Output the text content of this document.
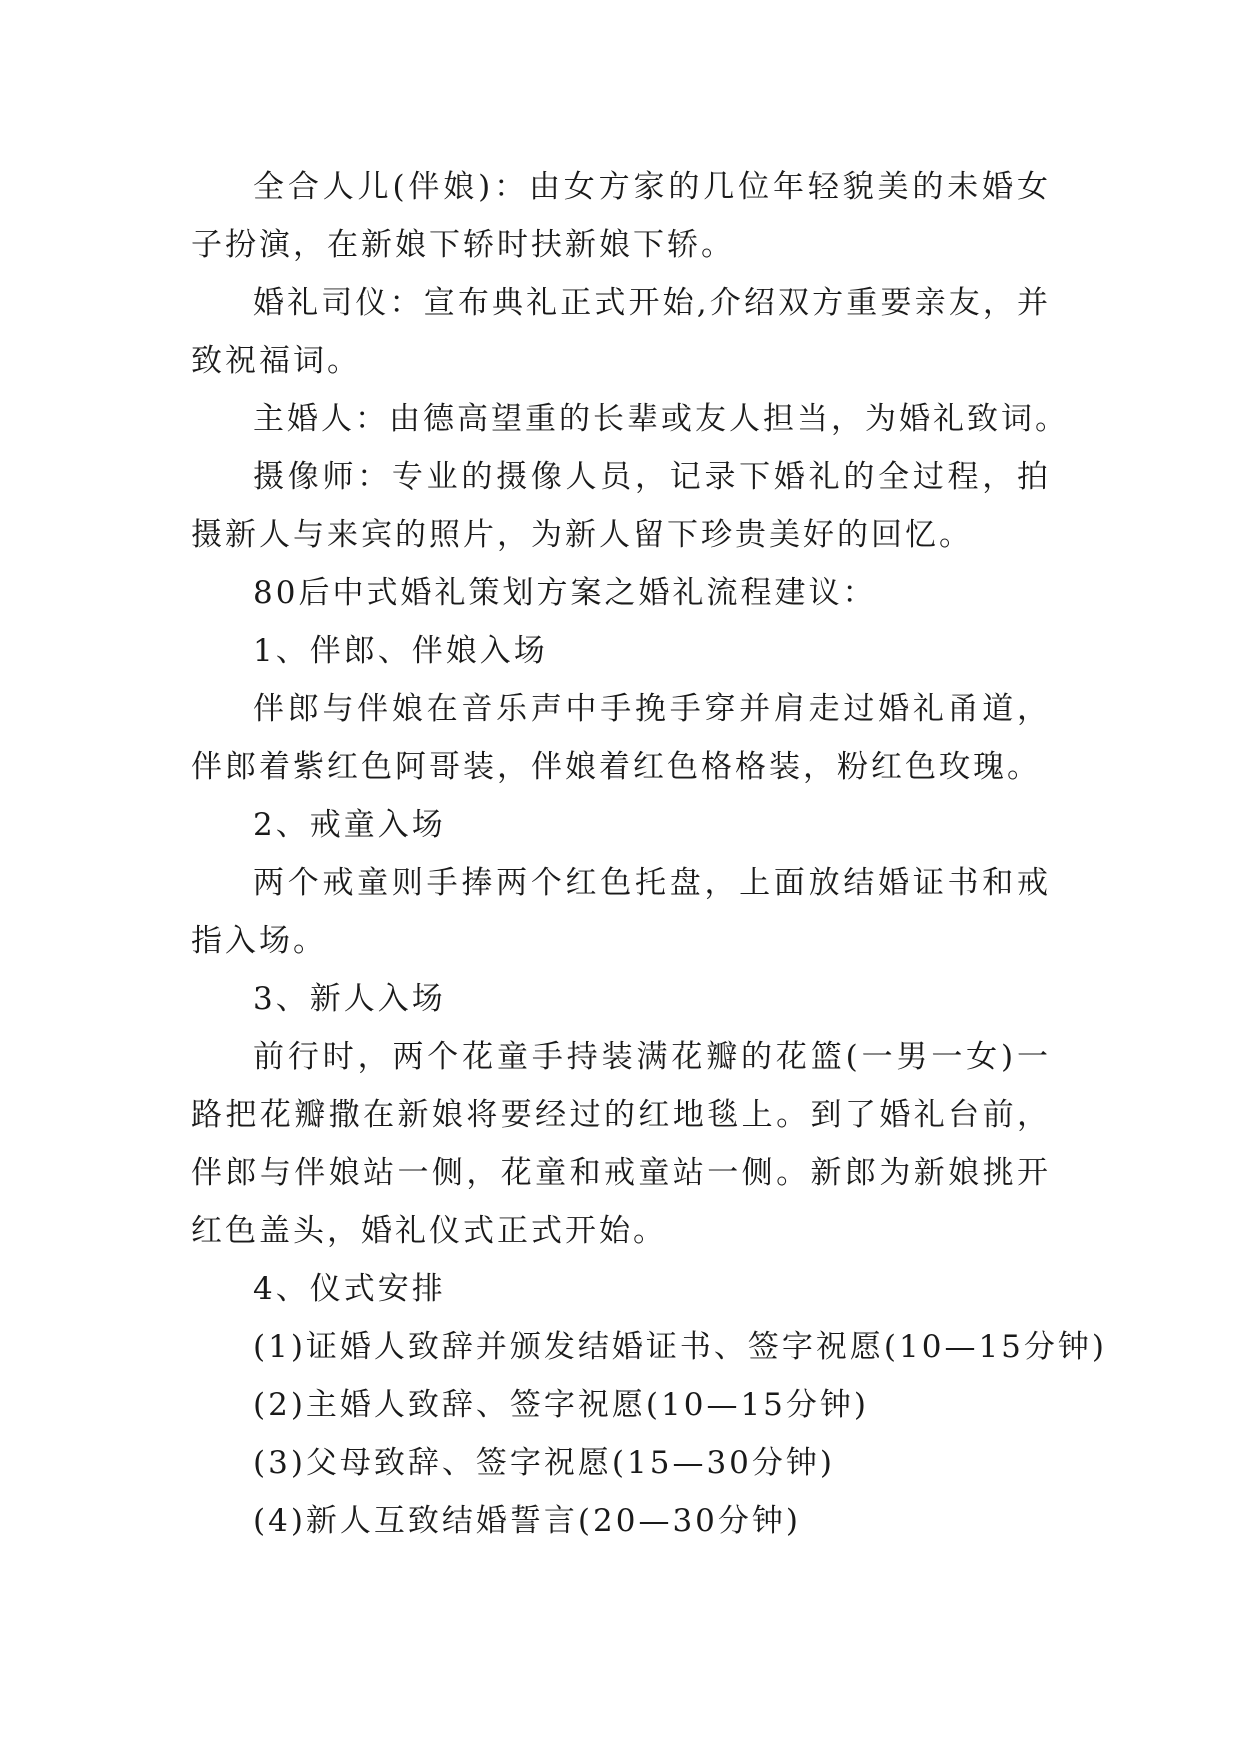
全合人儿(伴娘)：由女方家的几位年轻貌美的未婚女子扮演，在新娘下轿时扶新娘下轿。

婚礼司仪：宣布典礼正式开始,介绍双方重要亲友，并致祝福词。

主婚人：由德高望重的长辈或友人担当，为婚礼致词。

摄像师：专业的摄像人员，记录下婚礼的全过程，拍摄新人与来宾的照片，为新人留下珍贵美好的回忆。

80后中式婚礼策划方案之婚礼流程建议：

1、伴郎、伴娘入场

伴郎与伴娘在音乐声中手挽手穿并肩走过婚礼甬道，伴郎着紫红色阿哥装，伴娘着红色格格装，粉红色玫瑰。

2、戒童入场

两个戒童则手捧两个红色托盘，上面放结婚证书和戒指入场。

3、新人入场

前行时，两个花童手持装满花瓣的花篮(一男一女)一路把花瓣撒在新娘将要经过的红地毯上。到了婚礼台前，伴郎与伴娘站一侧，花童和戒童站一侧。新郎为新娘挑开红色盖头，婚礼仪式正式开始。

4、仪式安排

(1)证婚人致辞并颁发结婚证书、签字祝愿(10—15分钟)

(2)主婚人致辞、签字祝愿(10—15分钟)

(3)父母致辞、签字祝愿(15—30分钟)

(4)新人互致结婚誓言(20—30分钟)
